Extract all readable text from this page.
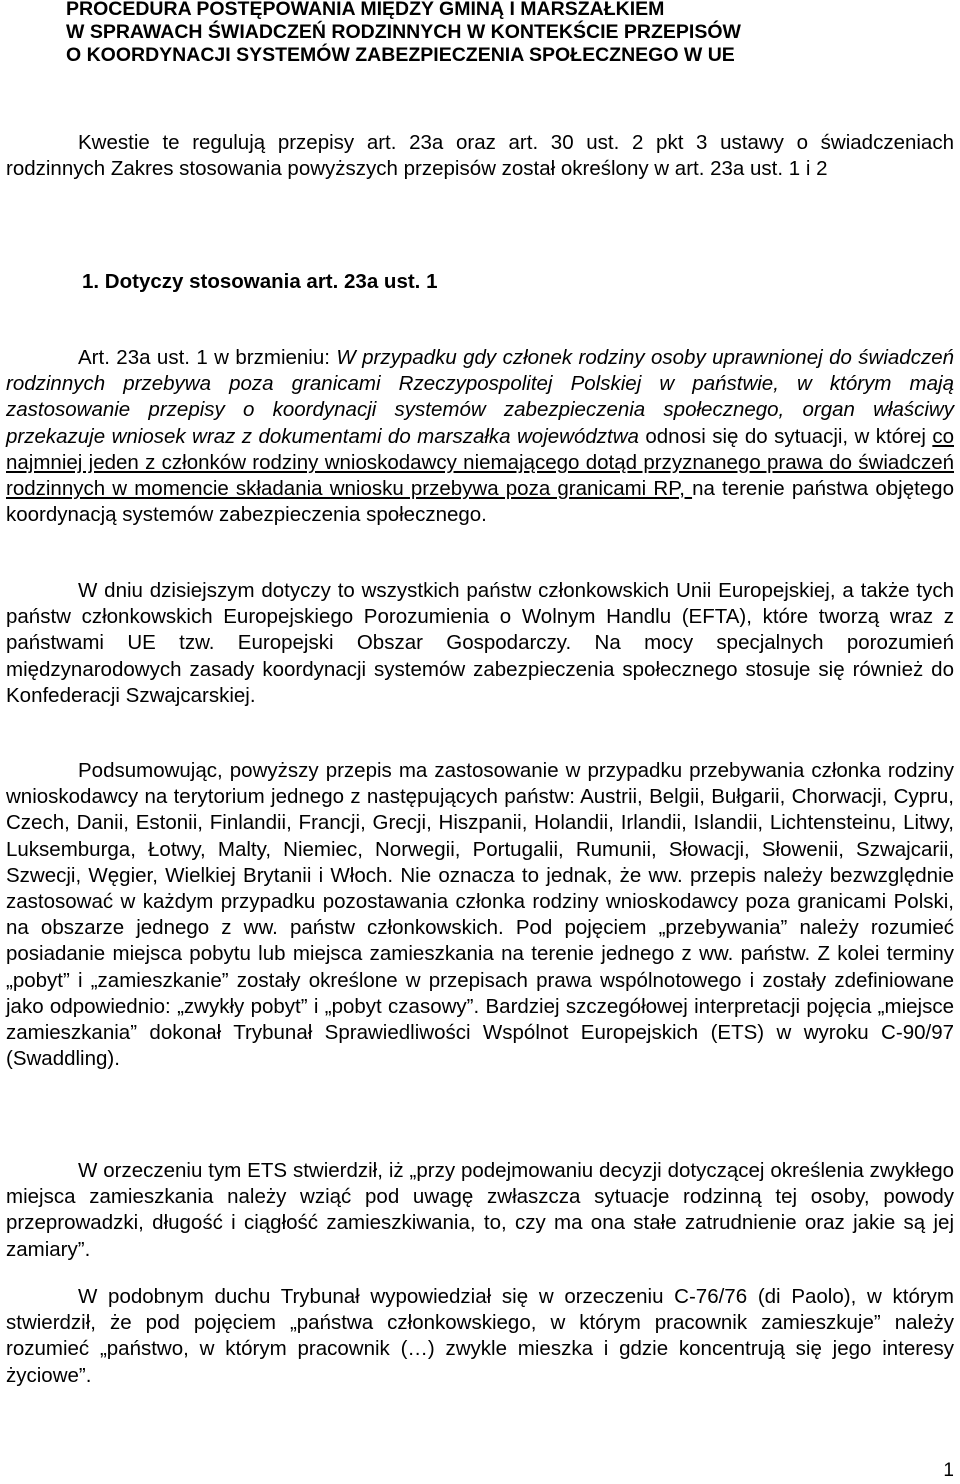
PROCEDURA POSTĘPOWANIA MIĘDZY GMINĄ I MARSZAŁKIEM
W SPRAWACH ŚWIADCZEŃ RODZINNYCH W KONTEKŚCIE PRZEPISÓW
O KOORDYNACJI SYSTEMÓW ZABEZPIECZENIA SPOŁECZNEGO W UE

Kwestie te regulują przepisy art. 23a oraz art. 30 ust. 2 pkt 3 ustawy o świadczeniach rodzinnych Zakres stosowania powyższych przepisów został określony w art. 23a ust. 1 i 2

1. Dotyczy stosowania art. 23a ust. 1

Art. 23a ust. 1 w brzmieniu: W przypadku gdy członek rodziny osoby uprawnionej do świadczeń rodzinnych przebywa poza granicami Rzeczypospolitej Polskiej w państwie, w którym mają zastosowanie przepisy o koordynacji systemów zabezpieczenia społecznego, organ właściwy przekazuje wniosek wraz z dokumentami do marszałka województwa odnosi się do sytuacji, w której co najmniej jeden z członków rodziny wnioskodawcy niemającego dotąd przyznanego prawa do świadczeń rodzinnych w momencie składania wniosku przebywa poza granicami RP, na terenie państwa objętego koordynacją systemów zabezpieczenia społecznego.

W dniu dzisiejszym dotyczy to wszystkich państw członkowskich Unii Europejskiej, a także tych państw członkowskich Europejskiego Porozumienia o Wolnym Handlu (EFTA), które tworzą wraz z państwami UE tzw. Europejski Obszar Gospodarczy. Na mocy specjalnych porozumień międzynarodowych zasady koordynacji systemów zabezpieczenia społecznego stosuje się również do Konfederacji Szwajcarskiej.

Podsumowując, powyższy przepis ma zastosowanie w przypadku przebywania członka rodziny wnioskodawcy na terytorium jednego z następujących państw: Austrii, Belgii, Bułgarii, Chorwacji, Cypru, Czech, Danii, Estonii, Finlandii, Francji, Grecji, Hiszpanii, Holandii, Irlandii, Islandii, Lichtensteinu, Litwy, Luksemburga, Łotwy, Malty, Niemiec, Norwegii, Portugalii, Rumunii, Słowacji, Słowenii, Szwajcarii, Szwecji, Węgier, Wielkiej Brytanii i Włoch. Nie oznacza to jednak, że ww. przepis należy bezwzględnie zastosować w każdym przypadku pozostawania członka rodziny wnioskodawcy poza granicami Polski, na obszarze jednego z ww. państw członkowskich. Pod pojęciem „przebywania” należy rozumieć posiadanie miejsca pobytu lub miejsca zamieszkania na terenie jednego z ww. państw. Z kolei terminy „pobyt” i „zamieszkanie” zostały określone w przepisach prawa wspólnotowego i zostały zdefiniowane jako odpowiednio: „zwykły pobyt” i „pobyt czasowy”. Bardziej szczegółowej interpretacji pojęcia „miejsce zamieszkania” dokonał Trybunał Sprawiedliwości Wspólnot Europejskich (ETS) w wyroku C-90/97 (Swaddling).

W orzeczeniu tym ETS stwierdził, iż „przy podejmowaniu decyzji dotyczącej określenia zwykłego miejsca zamieszkania należy wziąć pod uwagę zwłaszcza sytuacje rodzinną tej osoby, powody przeprowadzki, długość i ciągłość zamieszkiwania, to, czy ma ona stałe zatrudnienie oraz jakie są jej zamiary”.

W podobnym duchu Trybunał wypowiedział się w orzeczeniu C-76/76 (di Paolo), w którym stwierdził, że pod pojęciem „państwa członkowskiego, w którym pracownik zamieszkuje” należy rozumieć „państwo, w którym pracownik (…) zwykle mieszka i gdzie koncentrują się jego interesy życiowe”.

1
